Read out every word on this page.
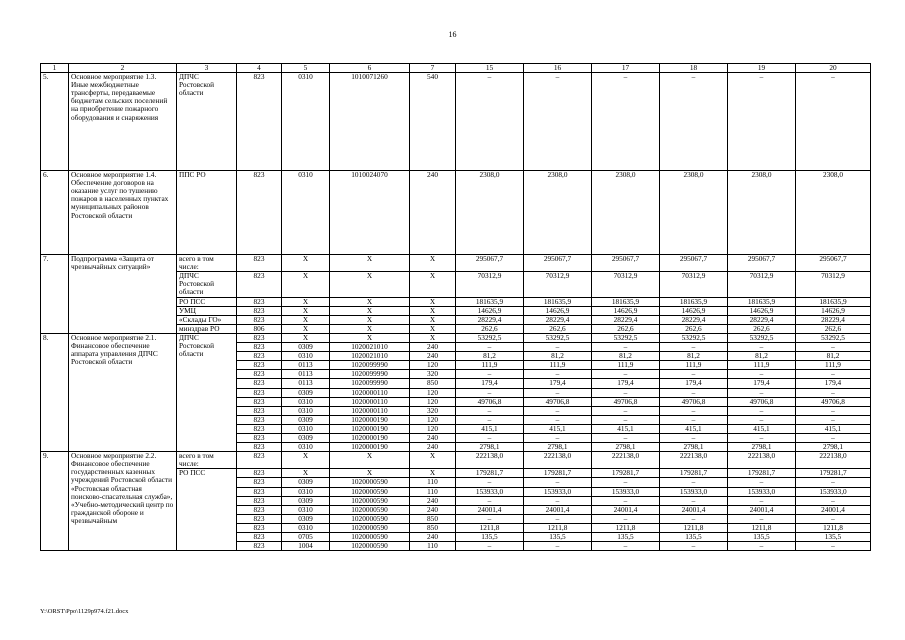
16
1	2	3	4	5	6	7	15	16	17	18	19	20
5.	Основное мероприятие 1.3. Иные межбюджетные трансферты, передаваемые бюджетам сельских поселений на приобретение пожарного оборудования и снаряжения	ДПЧС Ростовской области	823	0310	1010071260	540	–	–	–	–	–	–
6.	Основное мероприятие 1.4. Обеспечение договоров на оказание услуг по тушению пожаров в населенных пунктах муниципальных районов Ростовской области	ППС РО	823	0310	1010024070	240	2308,0	2308,0	2308,0	2308,0	2308,0	2308,0
7.	Подпрограмма «Защита от чрезвычайных ситуаций»	всего в том числе:	823	X	X	X	295067,7	295067,7	295067,7	295067,7	295067,7	295067,7
		ДПЧС Ростовской области	823	X	X	X	70312,9	70312,9	70312,9	70312,9	70312,9	70312,9
		РО ПСС	823	X	X	X	181635,9	181635,9	181635,9	181635,9	181635,9	181635,9
		УМЦ	823	X	X	X	14626,9	14626,9	14626,9	14626,9	14626,9	14626,9
		«Склады ГО»	823	X	X	X	28229,4	28229,4	28229,4	28229,4	28229,4	28229,4
		минздрав РО	806	X	X	X	262,6	262,6	262,6	262,6	262,6	262,6
8.	Основное мероприятие 2.1. Финансовое обеспечение аппарата управления ДПЧС Ростовской области	ДПЧС Ростовской области	823	X	X	X	53292,5	53292,5	53292,5	53292,5	53292,5	53292,5
			823	0309	1020021010	240	–	–	–	–	–	–
			823	0310	1020021010	240	81,2	81,2	81,2	81,2	81,2	81,2
			823	0113	1020099990	120	111,9	111,9	111,9	111,9	111,9	111,9
			823	0113	1020099990	320	–	–	–	–	–	–
			823	0113	1020099990	850	179,4	179,4	179,4	179,4	179,4	179,4
			823	0309	1020000110	120	–	–	–	–	–	–
			823	0310	1020000110	120	49706,8	49706,8	49706,8	49706,8	49706,8	49706,8
			823	0310	1020000110	320	–	–	–	–	–	–
			823	0309	1020000190	120	–	–	–	–	–	–
			823	0310	1020000190	120	415,1	415,1	415,1	415,1	415,1	415,1
			823	0309	1020000190	240	–	–	–	–	–	–
			823	0310	1020000190	240	2798,1	2798,1	2798,1	2798,1	2798,1	2798,1
9.	Основное мероприятие 2.2. Финансовое обеспечение государственных казенных учреждений Ростовской области «Ростовская областная поисково-спасательная служба», «Учебно-методический центр по гражданской обороне и чрезвычайным	всего в том числе:	823	X	X	X	222138,0	222138,0	222138,0	222138,0	222138,0	222138,0
		РО ПСС	823	X	X	X	179281,7	179281,7	179281,7	179281,7	179281,7	179281,7
			823	0309	1020000590	110	–	–	–	–	–	–
			823	0310	1020000590	110	153933,0	153933,0	153933,0	153933,0	153933,0	153933,0
			823	0309	1020000590	240	–	–	–	–	–	–
			823	0310	1020000590	240	24001,4	24001,4	24001,4	24001,4	24001,4	24001,4
			823	0309	1020000590	850	–	–	–	–	–	–
			823	0310	1020000590	850	1211,8	1211,8	1211,8	1211,8	1211,8	1211,8
			823	0705	1020000590	240	135,5	135,5	135,5	135,5	135,5	135,5
			823	1004	1020000590	110	–	–	–	–	–	–
Y:\ORST\Ppo\1129p974.f21.docx
